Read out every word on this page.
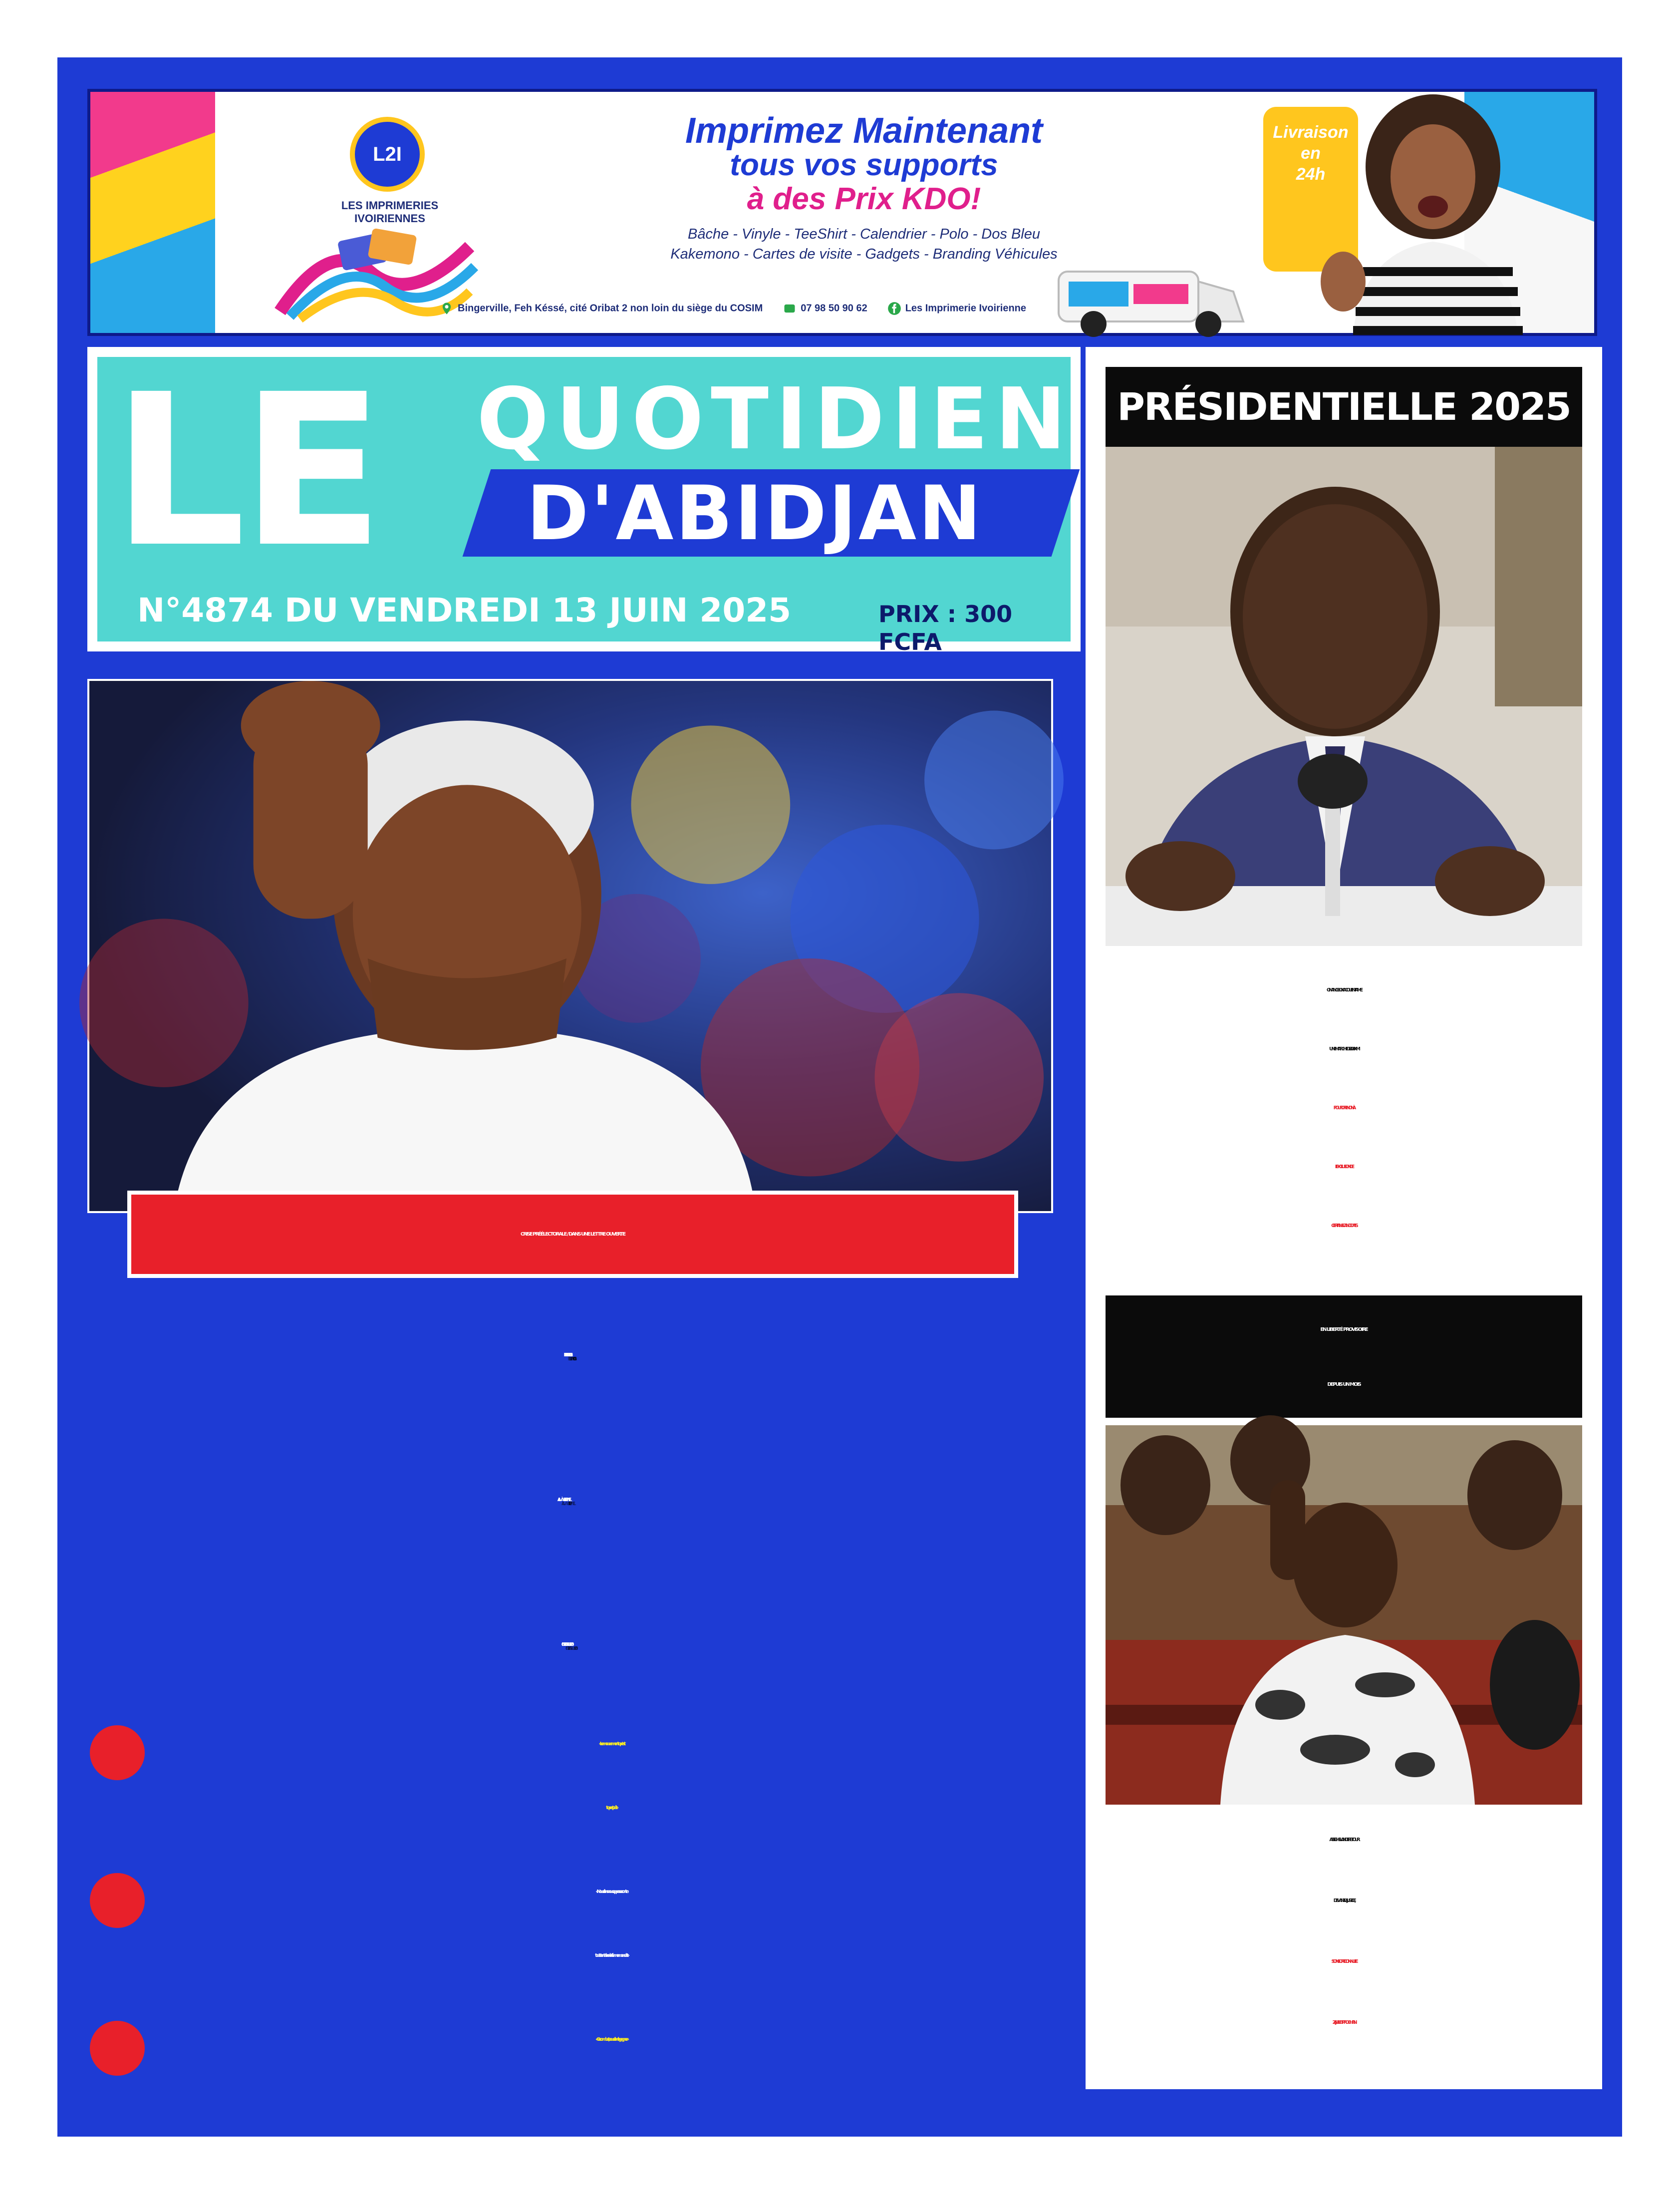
L2I
LES IMPRIMERIES
IVOIRIENNES
Imprimez Maintenant
tous vos supports
à des Prix KDO!
Bâche - Vinyle - TeeShirt - Calendrier - Polo - Dos Bleu
Kakemono - Cartes de visite - Gadgets - Branding Véhicules
Bingerville, Feh Késsé, cité Oribat 2 non loin du siège du COSIM	07 98 50 90 62	Les Imprimerie Ivoirienne
Livraison
en
24h
LE QUOTIDIEN
D'ABIDJAN
N°4874 DU VENDREDI 13 JUIN 2025	PRIX : 300 FCFA
CRISE PRÉÉLECTORALE / DANS UNE LETTRE OUVERTE
« Le mouvement trop c'est
trop est prêt »
« Nous allons nous opposer contre
toute tentative de 4ème mandat »
« Ce combat, nous allons le gagner »
PRÉSIDENTIELLE 2025
GNANGBO KACOU ENTAME
UNE MARCHE DE 400 KM
POUR DIRE NON À
L'EXCLUSION DE
CERTAINS CANDIDATS
EN LIBERTÉ PROVISOIRE
DEPUIS UN MOIS
ASSI GHISLAIN DE RETOUR
DEVANT LA JUSTICE,
SON SORT CONNU LE
26 JUILLET PROCHAIN
